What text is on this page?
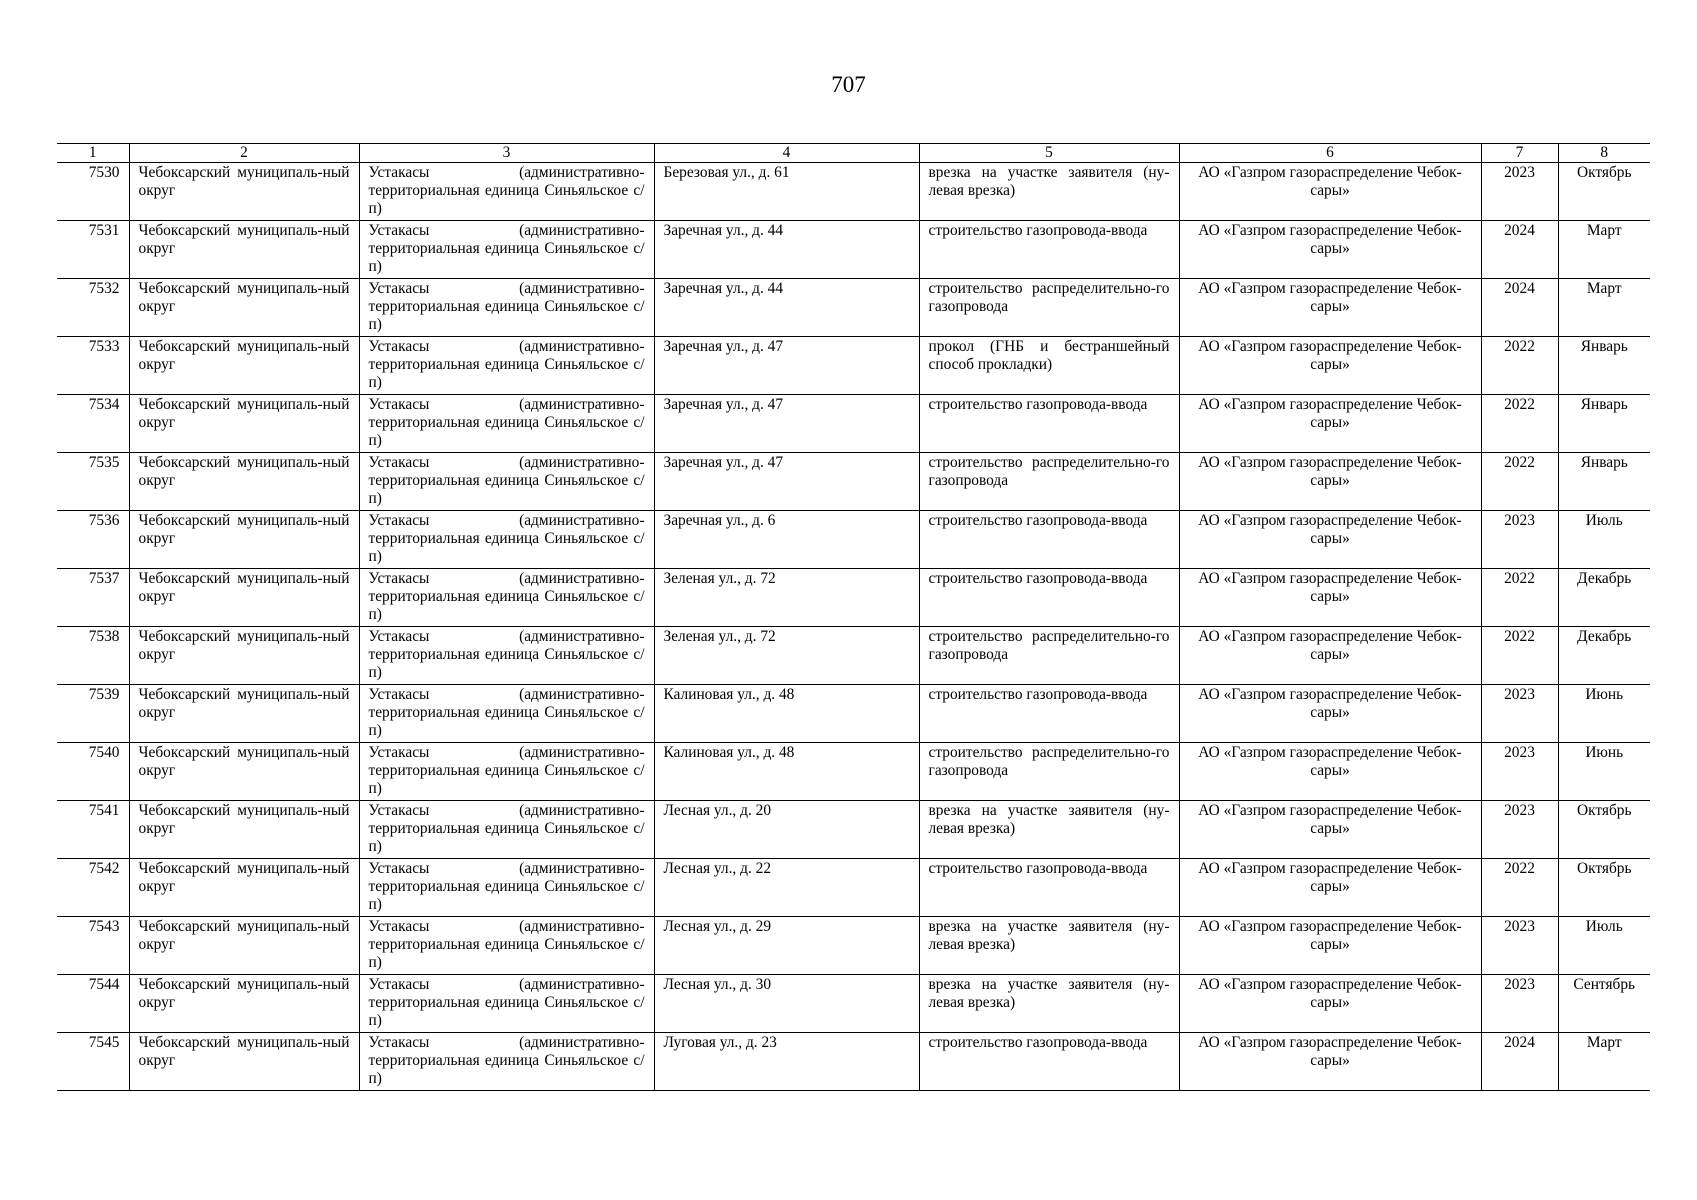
707
1	2	3	4	5	6	7	8
7530	Чебоксарский муниципаль-ный округ	Устакасы (административно-территориальная единица Синьяльское с/п)	Березовая ул., д. 61	врезка на участке заявителя (ну-левая врезка)	АО «Газпром газораспределение Чебок-сары»	2023	Октябрь
7531	Чебоксарский муниципаль-ный округ	Устакасы (административно-территориальная единица Синьяльское с/п)	Заречная ул., д. 44	строительство газопровода-ввода	АО «Газпром газораспределение Чебок-сары»	2024	Март
7532	Чебоксарский муниципаль-ный округ	Устакасы (административно-территориальная единица Синьяльское с/п)	Заречная ул., д. 44	строительство распределительно-го газопровода	АО «Газпром газораспределение Чебок-сары»	2024	Март
7533	Чебоксарский муниципаль-ный округ	Устакасы (административно-территориальная единица Синьяльское с/п)	Заречная ул., д. 47	прокол (ГНБ и бестраншейный способ прокладки)	АО «Газпром газораспределение Чебок-сары»	2022	Январь
7534	Чебоксарский муниципаль-ный округ	Устакасы (административно-территориальная единица Синьяльское с/п)	Заречная ул., д. 47	строительство газопровода-ввода	АО «Газпром газораспределение Чебок-сары»	2022	Январь
7535	Чебоксарский муниципаль-ный округ	Устакасы (административно-территориальная единица Синьяльское с/п)	Заречная ул., д. 47	строительство распределительно-го газопровода	АО «Газпром газораспределение Чебок-сары»	2022	Январь
7536	Чебоксарский муниципаль-ный округ	Устакасы (административно-территориальная единица Синьяльское с/п)	Заречная ул., д. 6	строительство газопровода-ввода	АО «Газпром газораспределение Чебок-сары»	2023	Июль
7537	Чебоксарский муниципаль-ный округ	Устакасы (административно-территориальная единица Синьяльское с/п)	Зеленая ул., д. 72	строительство газопровода-ввода	АО «Газпром газораспределение Чебок-сары»	2022	Декабрь
7538	Чебоксарский муниципаль-ный округ	Устакасы (административно-территориальная единица Синьяльское с/п)	Зеленая ул., д. 72	строительство распределительно-го газопровода	АО «Газпром газораспределение Чебок-сары»	2022	Декабрь
7539	Чебоксарский муниципаль-ный округ	Устакасы (административно-территориальная единица Синьяльское с/п)	Калиновая ул., д. 48	строительство газопровода-ввода	АО «Газпром газораспределение Чебок-сары»	2023	Июнь
7540	Чебоксарский муниципаль-ный округ	Устакасы (административно-территориальная единица Синьяльское с/п)	Калиновая ул., д. 48	строительство распределительно-го газопровода	АО «Газпром газораспределение Чебок-сары»	2023	Июнь
7541	Чебоксарский муниципаль-ный округ	Устакасы (административно-территориальная единица Синьяльское с/п)	Лесная ул., д. 20	врезка на участке заявителя (ну-левая врезка)	АО «Газпром газораспределение Чебок-сары»	2023	Октябрь
7542	Чебоксарский муниципаль-ный округ	Устакасы (административно-территориальная единица Синьяльское с/п)	Лесная ул., д. 22	строительство газопровода-ввода	АО «Газпром газораспределение Чебок-сары»	2022	Октябрь
7543	Чебоксарский муниципаль-ный округ	Устакасы (административно-территориальная единица Синьяльское с/п)	Лесная ул., д. 29	врезка на участке заявителя (ну-левая врезка)	АО «Газпром газораспределение Чебок-сары»	2023	Июль
7544	Чебоксарский муниципаль-ный округ	Устакасы (административно-территориальная единица Синьяльское с/п)	Лесная ул., д. 30	врезка на участке заявителя (ну-левая врезка)	АО «Газпром газораспределение Чебок-сары»	2023	Сентябрь
7545	Чебоксарский муниципаль-ный округ	Устакасы (административно-территориальная единица Синьяльское с/п)	Луговая ул., д. 23	строительство газопровода-ввода	АО «Газпром газораспределение Чебок-сары»	2024	Март
